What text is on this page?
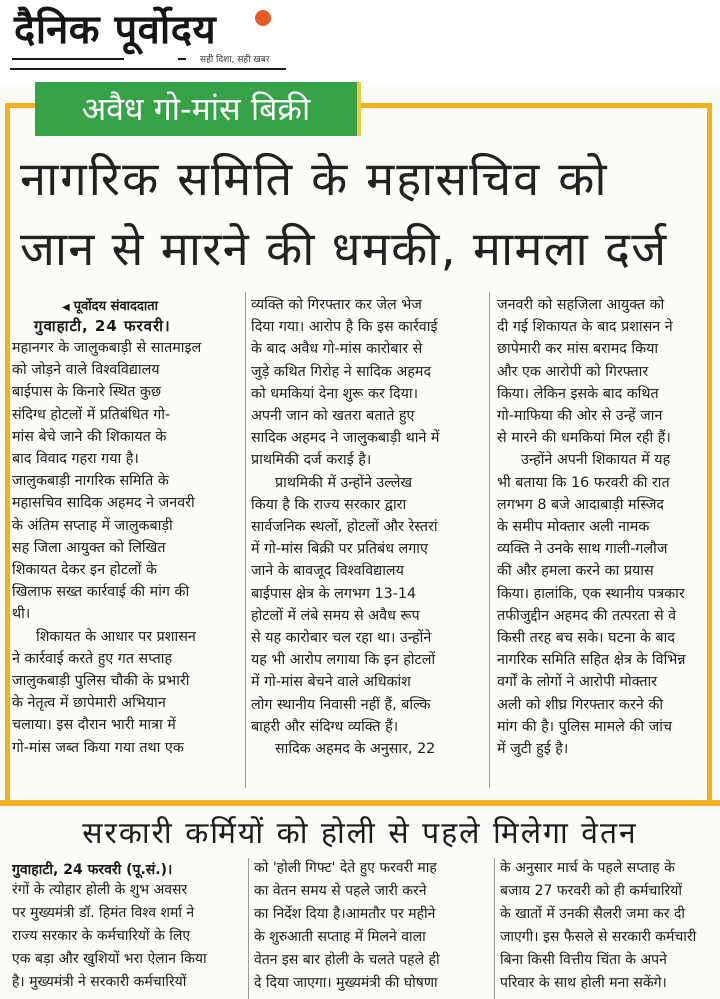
दैनिक पूर्वोदय
सही दिशा, सही खबर
अवैध गो-मांस बिक्री
नागरिक समिति के महासचिव को
जान से मारने की धमकी, मामला दर्ज
◀ पूर्वोदय संवाददाता
गुवाहाटी, 24 फरवरी।
महानगर के जालुकबाड़ी से सातमाइल
को जोड़ने वाले विश्वविद्यालय
बाईपास के किनारे स्थित कुछ
संदिग्ध होटलों में प्रतिबंधित गो-
मांस बेचे जाने की शिकायत के
बाद विवाद गहरा गया है।
जालुकबाड़ी नागरिक समिति के
महासचिव सादिक अहमद ने जनवरी
के अंतिम सप्ताह में जालुकबाड़ी
सह जिला आयुक्त को लिखित
शिकायत देकर इन होटलों के
खिलाफ सख्त कार्रवाई की मांग की
थी।
शिकायत के आधार पर प्रशासन
ने कार्रवाई करते हुए गत सप्ताह
जालुकबाड़ी पुलिस चौकी के प्रभारी
के नेतृत्व में छापेमारी अभियान
चलाया। इस दौरान भारी मात्रा में
गो-मांस जब्त किया गया तथा एक
व्यक्ति को गिरफ्तार कर जेल भेज
दिया गया। आरोप है कि इस कार्रवाई
के बाद अवैध गो-मांस कारोबार से
जुड़े कथित गिरोह ने सादिक अहमद
को धमकियां देना शुरू कर दिया।
अपनी जान को खतरा बताते हुए
सादिक अहमद ने जालुकबाड़ी थाने में
प्राथमिकी दर्ज कराई है।
प्राथमिकी में उन्होंने उल्लेख
किया है कि राज्य सरकार द्वारा
सार्वजनिक स्थलों, होटलों और रेस्तरां
में गो-मांस बिक्री पर प्रतिबंध लगाए
जाने के बावजूद विश्वविद्यालय
बाईपास क्षेत्र के लगभग 13-14
होटलों में लंबे समय से अवैध रूप
से यह कारोबार चल रहा था। उन्होंने
यह भी आरोप लगाया कि इन होटलों
में गो-मांस बेचने वाले अधिकांश
लोग स्थानीय निवासी नहीं हैं, बल्कि
बाहरी और संदिग्ध व्यक्ति हैं।
सादिक अहमद के अनुसार, 22
जनवरी को सहजिला आयुक्त को
दी गई शिकायत के बाद प्रशासन ने
छापेमारी कर मांस बरामद किया
और एक आरोपी को गिरफ्तार
किया। लेकिन इसके बाद कथित
गो-माफिया की ओर से उन्हें जान
से मारने की धमकियां मिल रही हैं।
उन्होंने अपनी शिकायत में यह
भी बताया कि 16 फरवरी की रात
लगभग 8 बजे आदाबाड़ी मस्जिद
के समीप मोक्तार अली नामक
व्यक्ति ने उनके साथ गाली-गलौज
की और हमला करने का प्रयास
किया। हालांकि, एक स्थानीय पत्रकार
तफीजुद्दीन अहमद की तत्परता से वे
किसी तरह बच सके। घटना के बाद
नागरिक समिति सहित क्षेत्र के विभिन्न
वर्गों के लोगों ने आरोपी मोक्तार
अली को शीघ्र गिरफ्तार करने की
मांग की है। पुलिस मामले की जांच
में जुटी हुई है।
सरकारी कर्मियों को होली से पहले मिलेगा वेतन
गुवाहाटी, 24 फरवरी (पू.सं.)।
रंगों के त्योहार होली के शुभ अवसर
पर मुख्यमंत्री डॉ. हिमंत विश्व शर्मा ने
राज्य सरकार के कर्मचारियों के लिए
एक बड़ा और खुशियों भरा ऐलान किया
है। मुख्यमंत्री ने सरकारी कर्मचारियों
को 'होली गिफ्ट' देते हुए फरवरी माह
का वेतन समय से पहले जारी करने
का निर्देश दिया है।आमतौर पर महीने
के शुरुआती सप्ताह में मिलने वाला
वेतन इस बार होली के चलते पहले ही
दे दिया जाएगा। मुख्यमंत्री की घोषणा
के अनुसार मार्च के पहले सप्ताह के
बजाय 27 फरवरी को ही कर्मचारियों
के खातों में उनकी सैलरी जमा कर दी
जाएगी। इस फैसले से सरकारी कर्मचारी
बिना किसी वित्तीय चिंता के अपने
परिवार के साथ होली मना सकेंगे।
